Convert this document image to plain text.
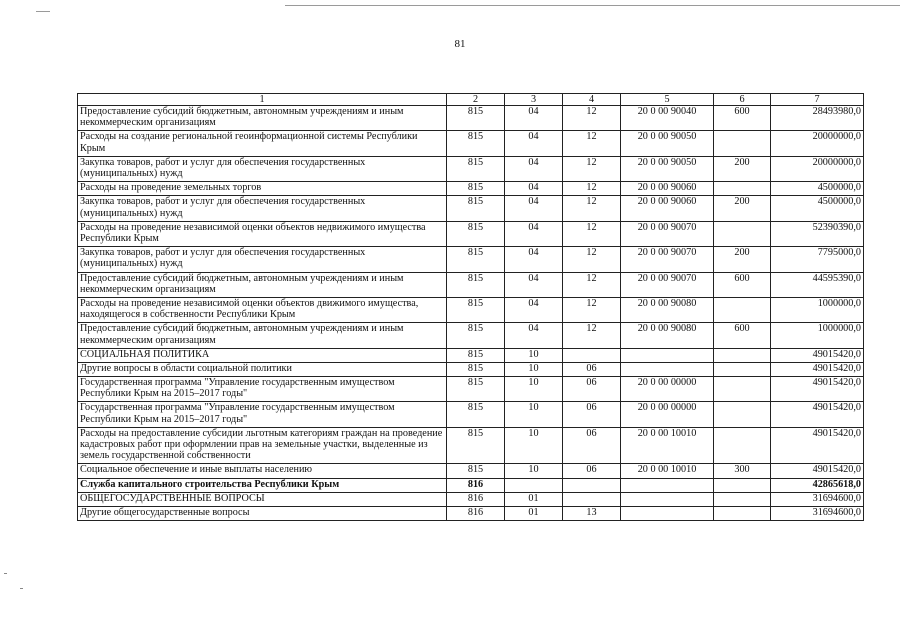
81
1	2	3	4	5	6	7
Предоставление субсидий бюджетным, автономным учреждениям и иным некоммерческим организациям	815	04	12	20 0 00 90040	600	28493980,0
Расходы на создание региональной геоинформационной системы Республики Крым	815	04	12	20 0 00 90050		20000000,0
Закупка товаров, работ и услуг для обеспечения государственных (муниципальных) нужд	815	04	12	20 0 00 90050	200	20000000,0
Расходы на проведение земельных торгов	815	04	12	20 0 00 90060		4500000,0
Закупка товаров, работ и услуг для обеспечения государственных (муниципальных) нужд	815	04	12	20 0 00 90060	200	4500000,0
Расходы на проведение независимой оценки объектов недвижимого имущества Республики Крым	815	04	12	20 0 00 90070		52390390,0
Закупка товаров, работ и услуг для обеспечения государственных (муниципальных) нужд	815	04	12	20 0 00 90070	200	7795000,0
Предоставление субсидий бюджетным, автономным учреждениям и иным некоммерческим организациям	815	04	12	20 0 00 90070	600	44595390,0
Расходы на проведение независимой оценки объектов движимого имущества, находящегося в собственности Республики Крым	815	04	12	20 0 00 90080		1000000,0
Предоставление субсидий бюджетным, автономным учреждениям и иным некоммерческим организациям	815	04	12	20 0 00 90080	600	1000000,0
СОЦИАЛЬНАЯ ПОЛИТИКА	815	10				49015420,0
Другие вопросы в области социальной политики	815	10	06			49015420,0
Государственная программа "Управление государственным имуществом Республики Крым на 2015–2017 годы"	815	10	06	20 0 00 00000		49015420,0
Государственная программа "Управление государственным имуществом Республики Крым на 2015–2017 годы"	815	10	06	20 0 00 00000		49015420,0
Расходы на предоставление субсидии льготным категориям граждан на проведение кадастровых работ при оформлении прав на земельные участки, выделенные из земель государственной собственности	815	10	06	20 0 00 10010		49015420,0
Социальное обеспечение и иные выплаты населению	815	10	06	20 0 00 10010	300	49015420,0
Служба капитального строительства Республики Крым	816					42865618,0
ОБЩЕГОСУДАРСТВЕННЫЕ ВОПРОСЫ	816	01				31694600,0
Другие общегосударственные вопросы	816	01	13			31694600,0
